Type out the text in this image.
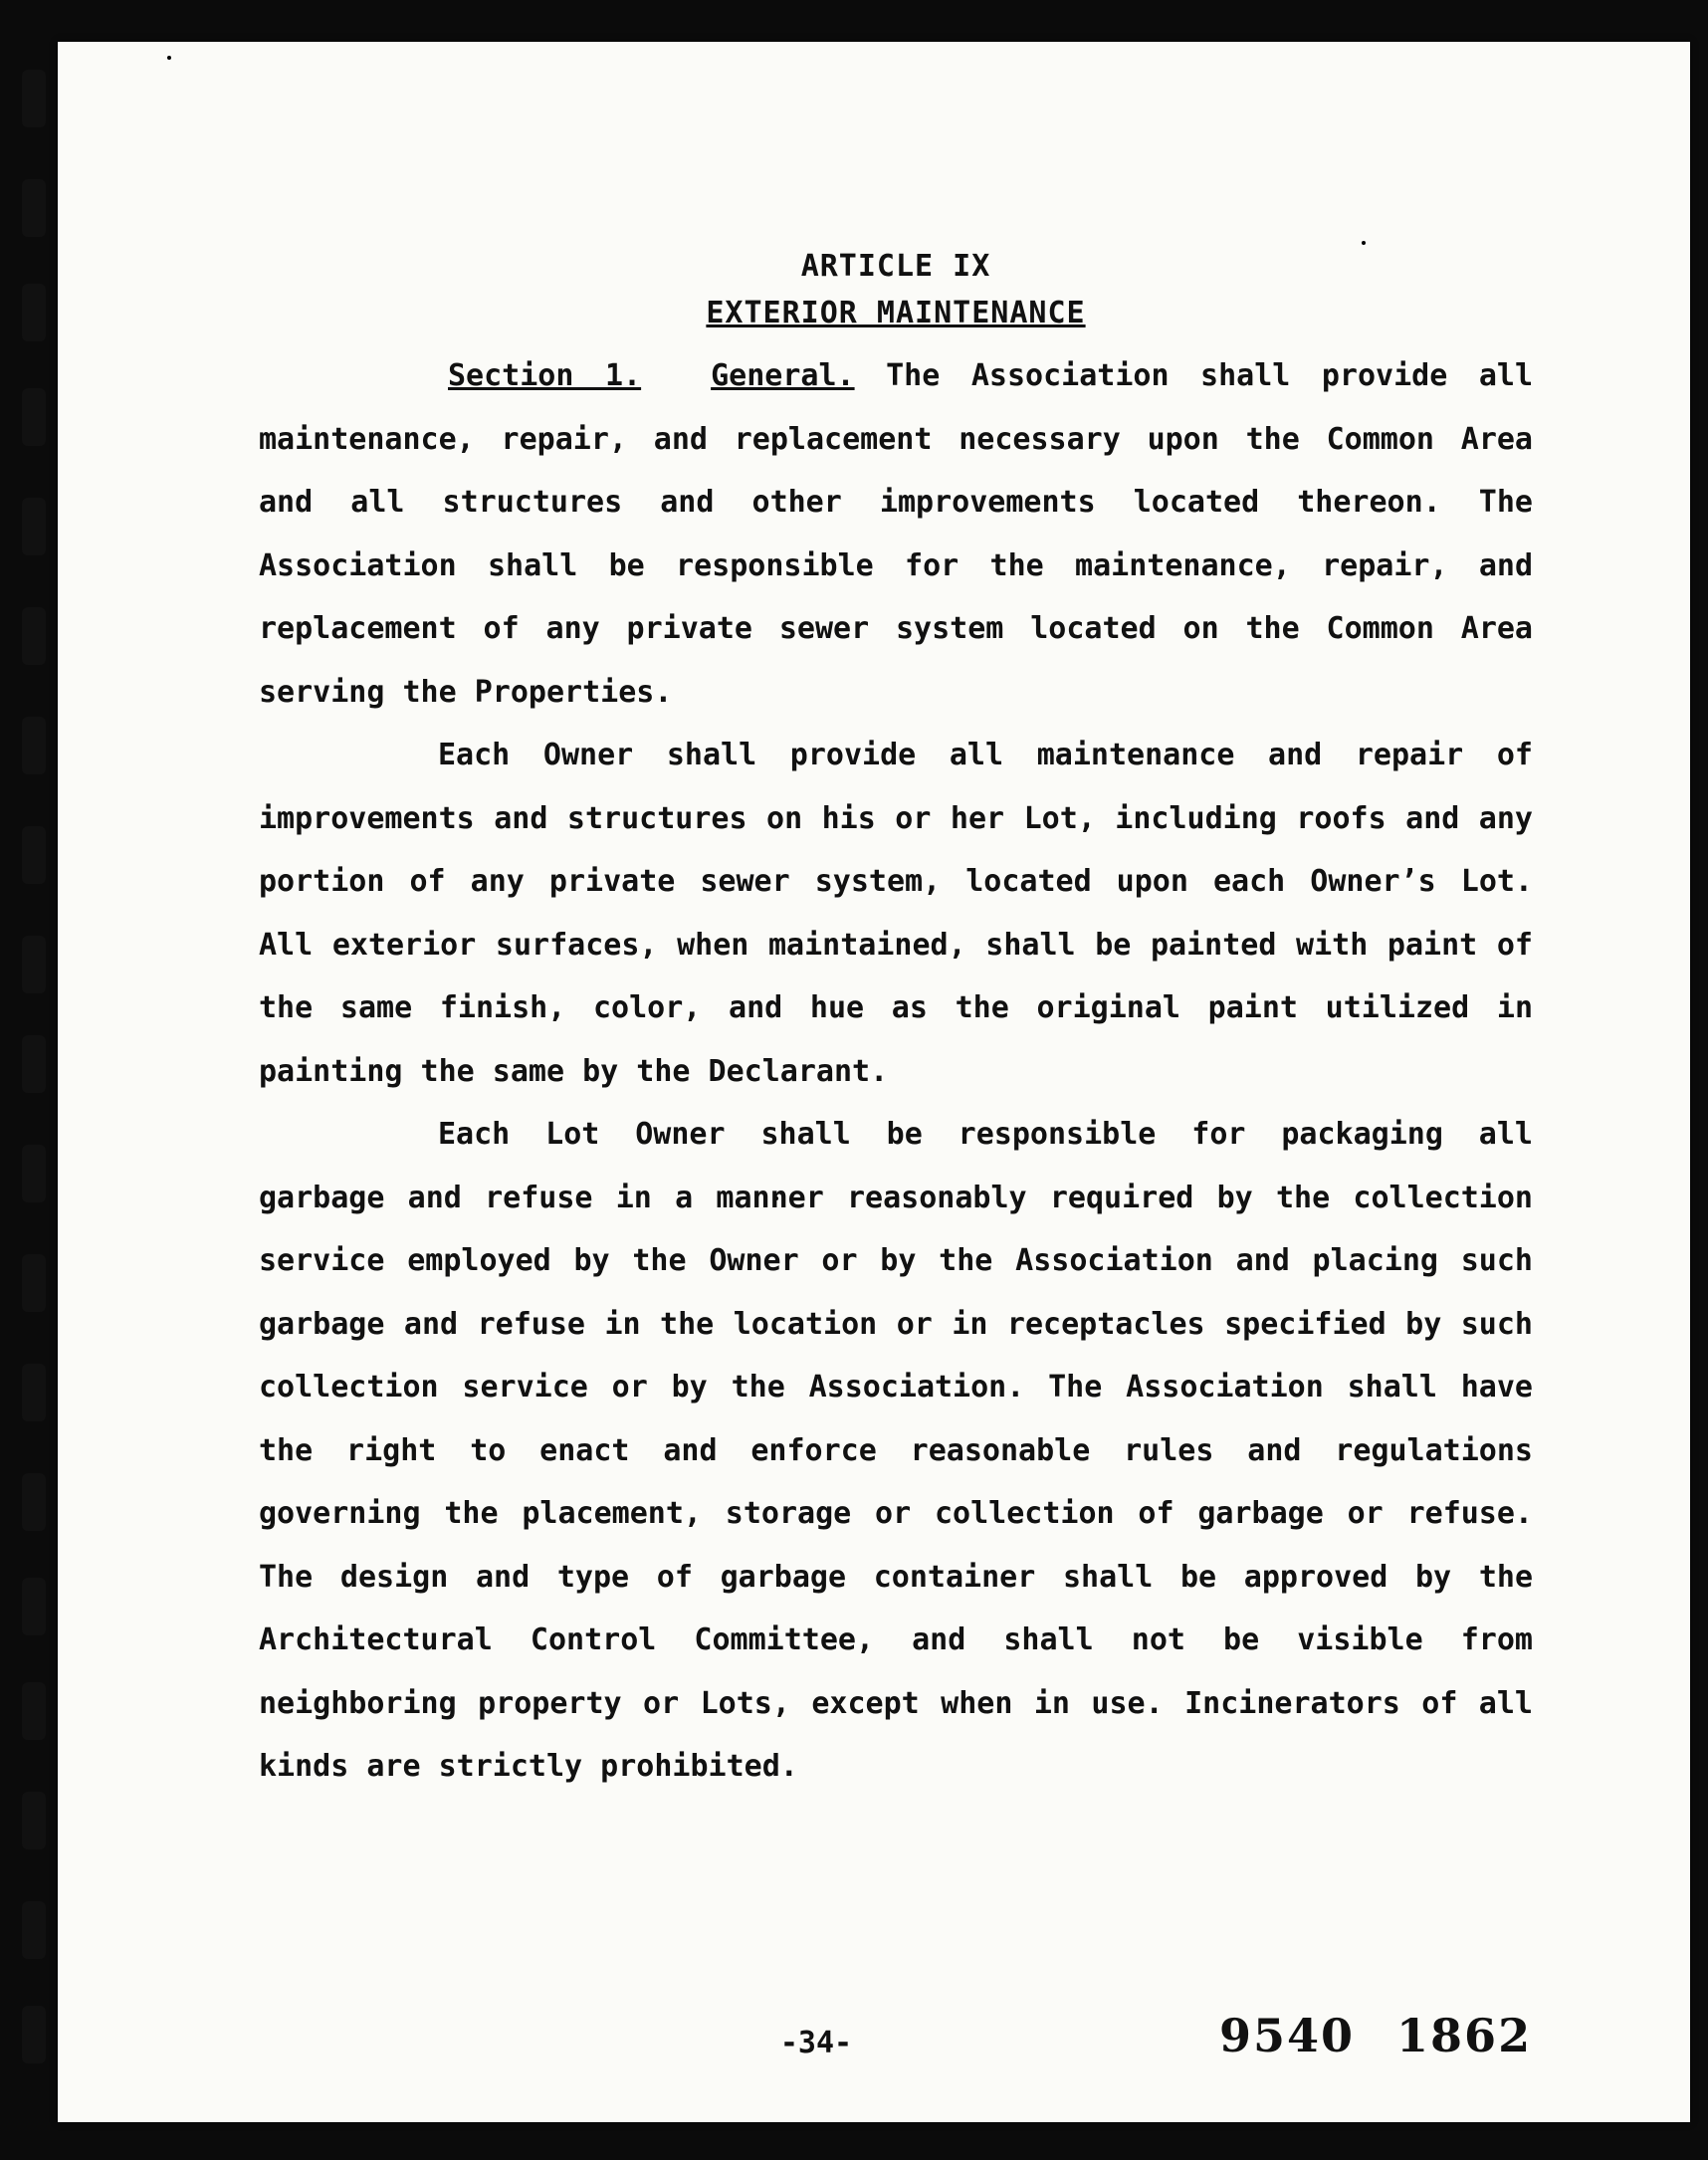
ARTICLE IX
EXTERIOR MAINTENANCE

Section 1. General. The Association shall provide all maintenance, repair, and replacement necessary upon the Common Area and all structures and other improvements located thereon. The Association shall be responsible for the maintenance, repair, and replacement of any private sewer system located on the Common Area serving the Properties.

Each Owner shall provide all maintenance and repair of improvements and structures on his or her Lot, including roofs and any portion of any private sewer system, located upon each Owner’s Lot. All exterior surfaces, when maintained, shall be painted with paint of the same finish, color, and hue as the original paint utilized in painting the same by the Declarant.

Each Lot Owner shall be responsible for packaging all garbage and refuse in a manner reasonably required by the collection service employed by the Owner or by the Association and placing such garbage and refuse in the location or in receptacles specified by such collection service or by the Association. The Association shall have the right to enact and enforce reasonable rules and regulations governing the placement, storage or collection of garbage or refuse. The design and type of garbage container shall be approved by the Architectural Control Committee, and shall not be visible from neighboring property or Lots, except when in use. Incinerators of all kinds are strictly prohibited.

-34-	9540 1862
